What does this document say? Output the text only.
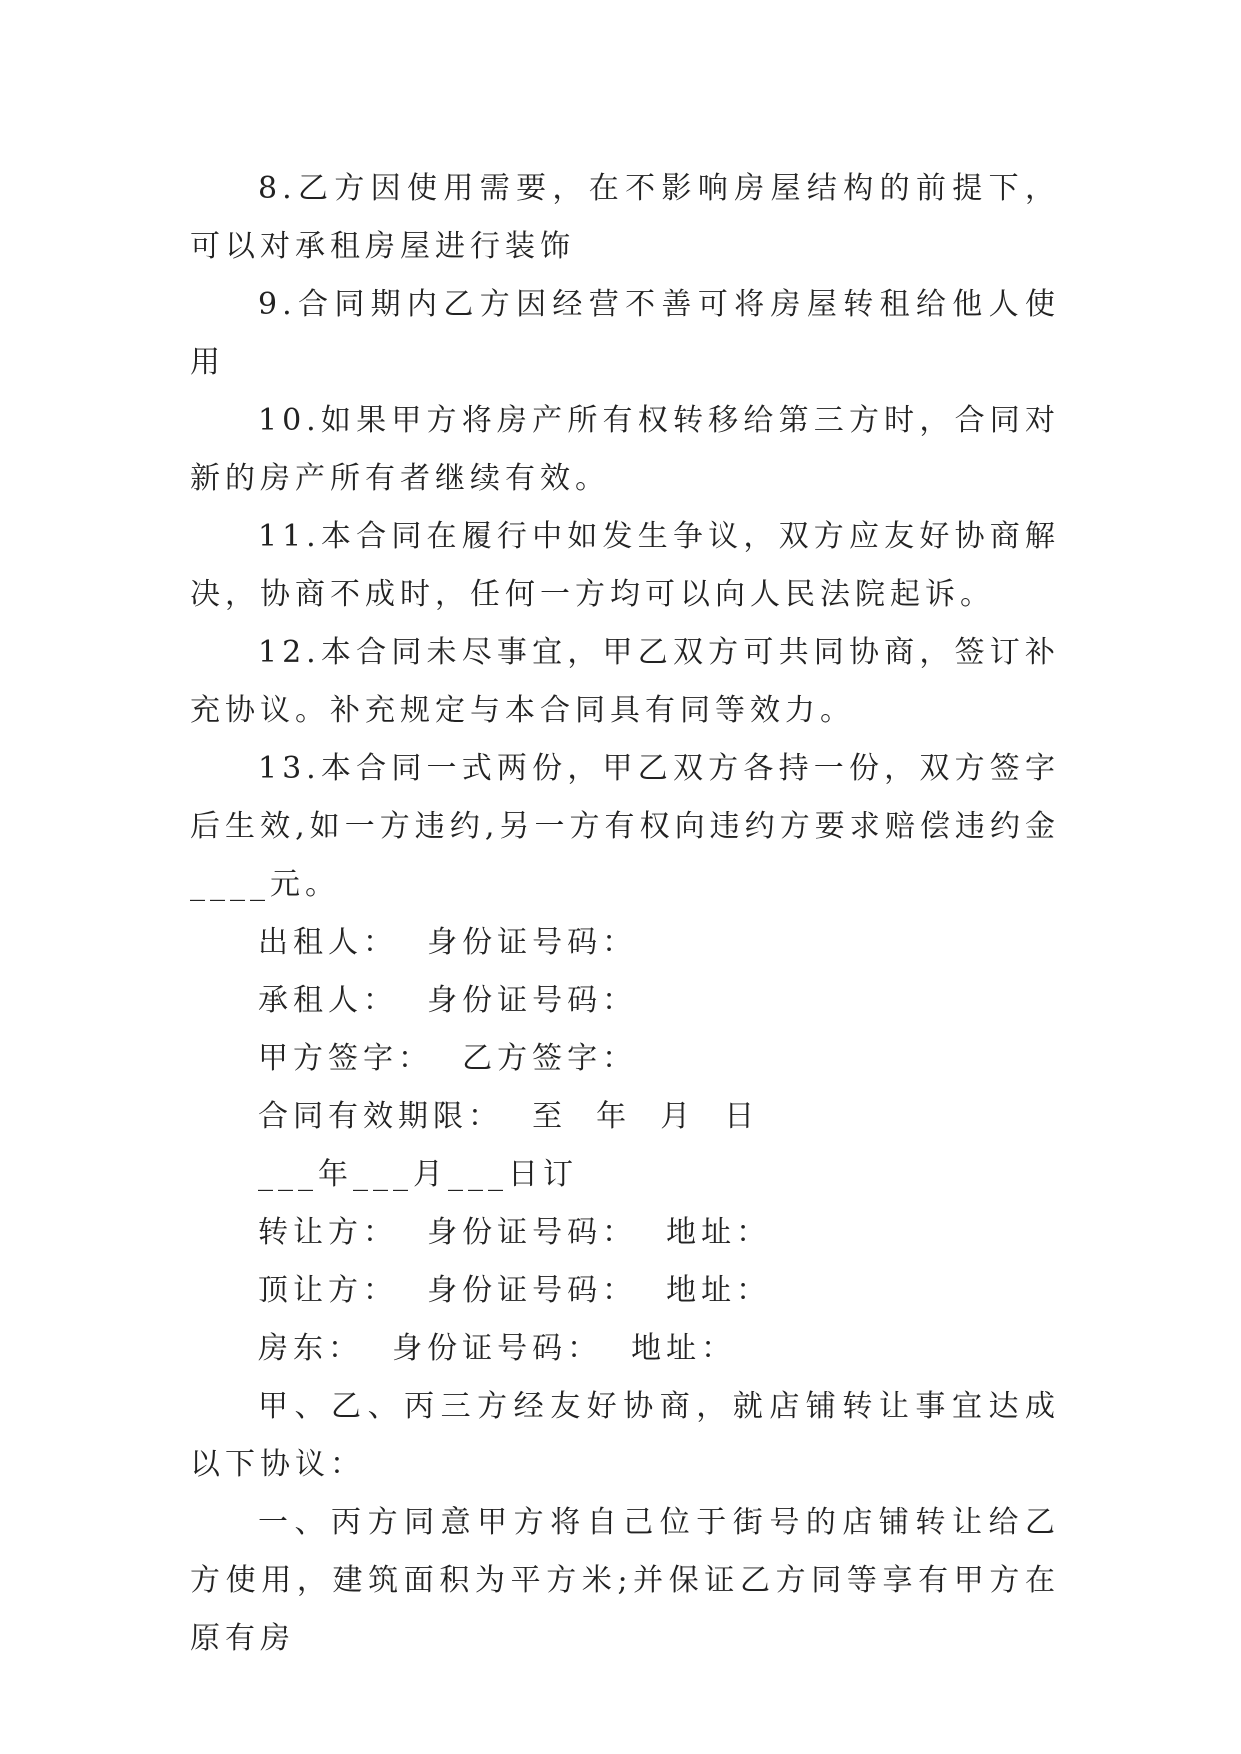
8.乙方因使用需要，在不影响房屋结构的前提下，可以对承租房屋进行装饰

9.合同期内乙方因经营不善可将房屋转租给他人使用

10.如果甲方将房产所有权转移给第三方时，合同对新的房产所有者继续有效。

11.本合同在履行中如发生争议，双方应友好协商解决，协商不成时，任何一方均可以向人民法院起诉。

12.本合同未尽事宜，甲乙双方可共同协商，签订补充协议。补充规定与本合同具有同等效力。

13.本合同一式两份，甲乙双方各持一份，双方签字后生效,如一方违约,另一方有权向违约方要求赔偿违约金____元。

出租人：  身份证号码：

承租人：  身份证号码：

甲方签字：  乙方签字：

合同有效期限：  至  年  月  日

___年___月___日订

转让方：  身份证号码：  地址：

顶让方：  身份证号码：  地址：

房东：  身份证号码：  地址：

甲、乙、丙三方经友好协商，就店铺转让事宜达成以下协议：

一、丙方同意甲方将自己位于街号的店铺转让给乙方使用，建筑面积为平方米;并保证乙方同等享有甲方在原有房
